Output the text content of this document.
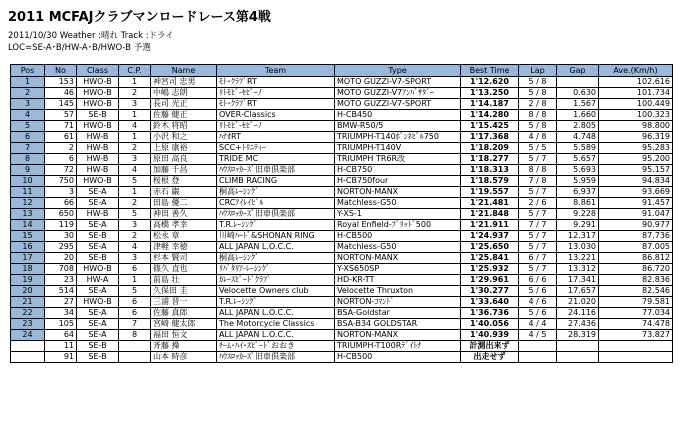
2011 MCFAJクラブマンロードレース第4戦
2011/10/30 Weather :晴れ Track :ドライ
LOC=SE-A･B/HW-A･B/HWO-B 予選
Pos	No	Class	C.P.	Name	Team	Type	Best Time	Lap	Gap	Ave.(Km/h)
1	153	HWO-B	1	神宮司 忠男	ﾓﾄ･ｸﾗﾌﾞRT	MOTO GUZZI-V7-SPORT	1'12.620	5 / 8		102.616
2	46	HWO-B	2	中嶋 志朗	ﾘﾄﾓﾋﾞ-ｾﾋﾞｰﾉ	MOTO GUZZI-V7ｱﾝﾊﾞｻﾀﾞｰ	1'13.250	5 / 8	0.630	101.734
3	145	HWO-B	3	長司 光正	ﾓﾄ･ｸﾗﾌﾞRT	MOTO GUZZI-V7-SPORT	1'14.187	2 / 8	1.567	100.449
4	57	SE-B	1	佐藤 健正	OVER-Classics	H-CB450	1'14.280	8 / 8	1.660	100.323
5	71	HWO-B	4	鈴木 将昭	ﾘﾄﾓﾋﾞ-ｾﾋﾞｰﾉ	BMW-R50/5	1'15.425	5 / 8	2.805	98.800
6	61	HW-B	1	小沢 和之	ﾊﾅｵRT	TRIUMPH-T140ﾎﾞﾝﾈﾋﾞﾙ750	1'17.368	4 / 8	4.748	96.319
7	2	HW-B	2	上原 康裕	SCC+ﾄﾘﾆﾃｨｰ	TRIUMPH-T140V	1'18.209	5 / 5	5.589	95.283
8	6	HW-B	3	原田 高良	TRIDE MC	TRIUMPH TR6R改	1'18.277	5 / 7	5.657	95.200
9	72	HW-B	4	加藤 千昌	ﾊｳｽﾛｯｶｰｽﾞ旧車倶楽部	H-CB750	1'18.313	8 / 8	5.693	95.157
10	750	HWO-B	5	桜根 登	CLIMB RACING	H-CB750four	1'18.579	7 / 8	5.959	94.834
11	3	SE-A	1	赤石 巌	桐高ﾚｰｼﾝｸﾞ	NORTON-MANX	1'19.557	5 / 7	6.937	93.669
12	66	SE-A	2	田島 優二	CRCｱｲﾚｲﾋﾞﾙ	Matchless-G50	1'21.481	2 / 6	8.861	91.457
13	650	HW-B	5	神田 善久	ﾊｳｽﾛｯｶｰｽﾞ旧車倶楽部	Y-XS-1	1'21.848	5 / 7	9.228	91.047
14	119	SE-A	3	高橋 孝幸	T.R.ﾚｰｼﾝｸﾞ	Royal Enfield-ﾌﾞﾘｯﾄﾞ500	1'21.911	7 / 7	9.291	90.977
15	30	SE-B	2	松永 章	川崎ﾊｰﾄﾞ&SHONAN RING	H-CB500	1'24.937	5 / 7	12.317	87.736
16	295	SE-A	4	津軽 幸徳	ALL JAPAN L.O.C.C.	Matchless-G50	1'25.650	5 / 7	13.030	87.005
17	20	SE-B	3	杉本 賢司	桐高ﾚｰｼﾝｸﾞ	NORTON-MANX	1'25.841	6 / 7	13.221	86.812
18	708	HWO-B	6	篠久 直也	ﾘﾊﾞﾀﾘｱ-ﾚｰｼﾝｸﾞ	Y-XS650SP	1'25.932	5 / 7	13.312	86.720
19	23	HW-A	1	前島 壮	ｶﾚｰｽﾋﾟｰﾄﾞｸﾗﾌﾞ	HD-KR-TT	1'29.961	6 / 6	17.341	82.836
20	514	SE-A	5	久保田 圭	Velocette Owners club	Velocette Thruxton	1'30.277	5 / 6	17.657	82.546
21	27	HWO-B	6	三浦 晋一	T.R.ﾚｰｼﾝｸﾞ	NORTON-ｺﾏﾝﾄﾞ	1'33.640	4 / 6	21.020	79.581
22	34	SE-A	6	佐藤 真郎	ALL JAPAN L.O.C.C.	BSA-Goldstar	1'36.736	5 / 6	24.116	77.034
23	105	SE-A	7	宮崎 健太郎	The Motorcycle Classics	BSA-B34 GOLDSTAR	1'40.056	4 / 4	27.436	74.478
24	64	SE-A	8	福田 恒文	ALL JAPAN L.O.C.C.	NORTON-MANX	1'40.939	4 / 5	28.319	73.827
	11	SE-B		斉藤 操	ﾁｰﾑ･ﾊｲ･ｽﾋﾟｰﾄﾞおおき	TRIUMPH-T100Rﾃﾞｲﾄﾅ	計測出来ず			
	91	SE-B		山本 時彦	ﾊｳｽﾛｯｶｰｽﾞ旧車倶楽部	H-CB500	出走せず			
